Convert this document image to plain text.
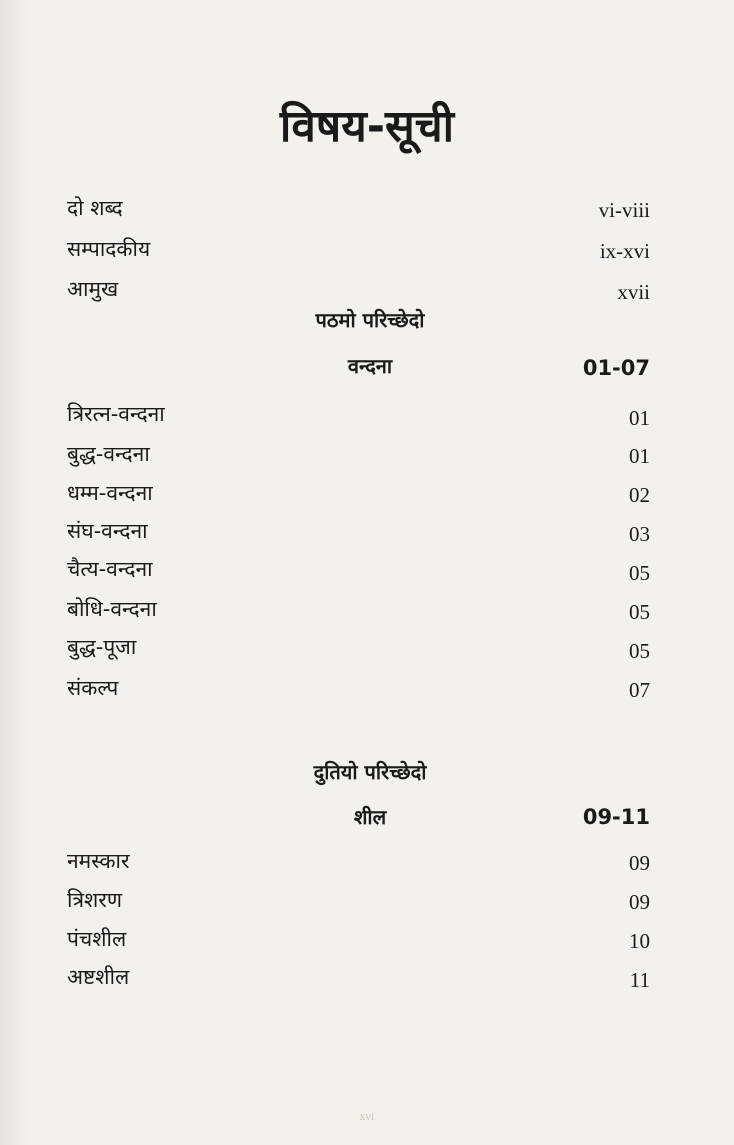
विषय-सूची
दो शब्द	vi-viii
सम्पादकीय	ix-xvi
आमुख	xvii
पठमो परिच्छेदो
वन्दना	01-07
त्रिरत्न-वन्दना	01
बुद्ध-वन्दना	01
धम्म-वन्दना	02
संघ-वन्दना	03
चैत्य-वन्दना	05
बोधि-वन्दना	05
बुद्ध-पूजा	05
संकल्प	07
दुतियो परिच्छेदो
शील	09-11
नमस्कार	09
त्रिशरण	09
पंचशील	10
अष्टशील	11
xvi
